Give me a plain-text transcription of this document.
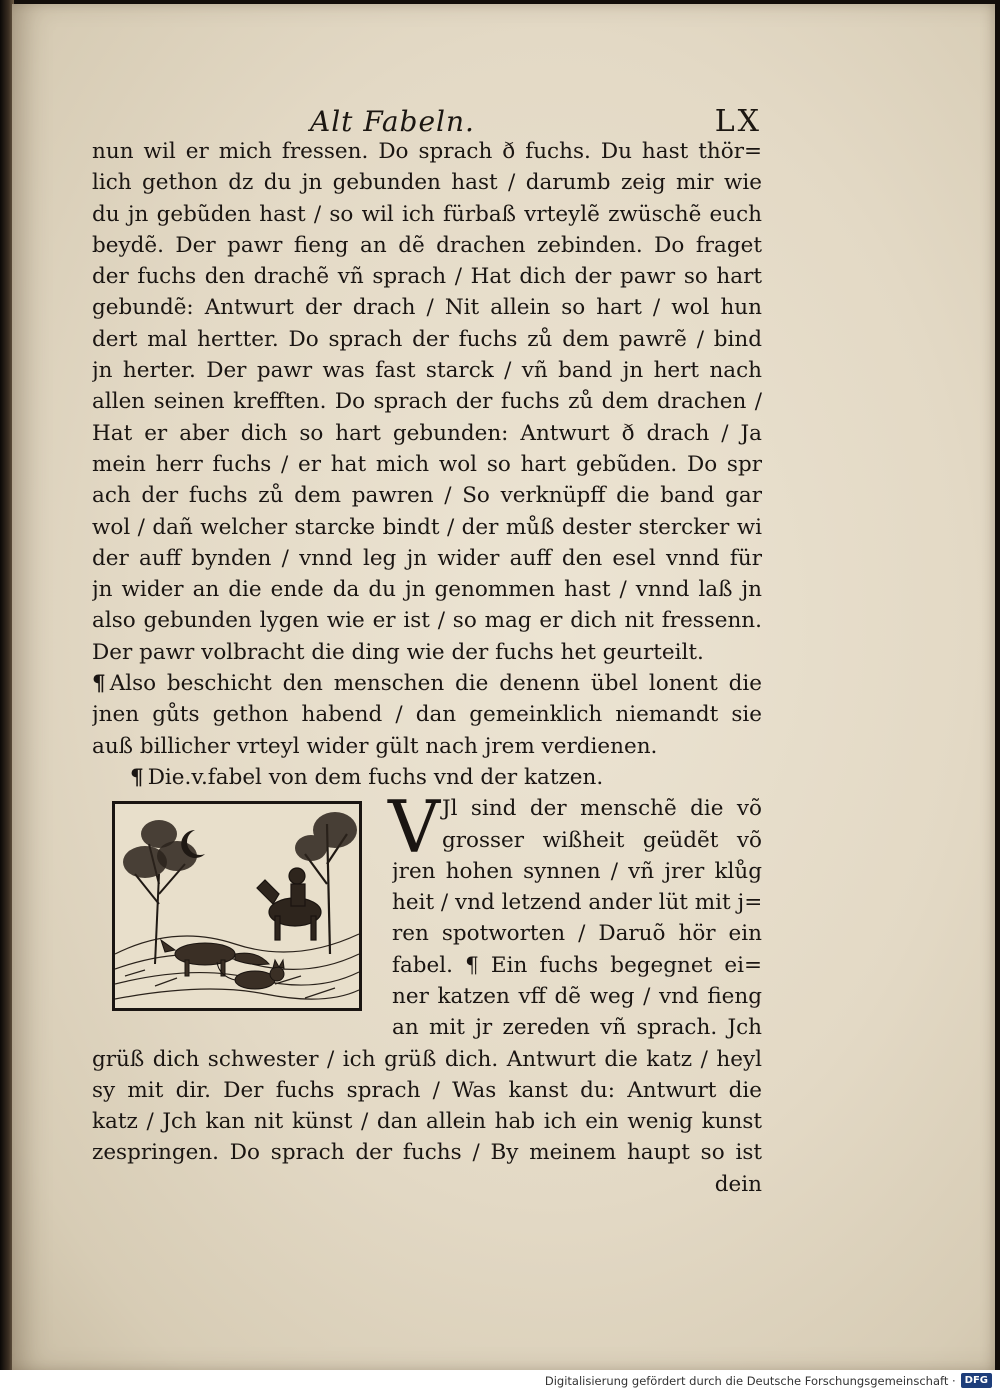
Alt Fabeln.	LX
nun wil er mich fressen. Do sprach ð fuchs. Du hast thör=
lich gethon dz du jn gebunden hast / darumb zeig mir wie
du jn gebũden hast / so wil ich fürbaß vrteylẽ zwüschẽ euch
beydẽ. Der pawr fieng an dẽ drachen zebinden. Do fraget
der fuchs den drachẽ vñ sprach / Hat dich der pawr so hart
gebundẽ: Antwurt der drach / Nit allein so hart / wol hun
dert mal hertter. Do sprach der fuchs zů dem pawrẽ / bind
jn herter. Der pawr was fast starck / vñ band jn hert nach
allen seinen krefften. Do sprach der fuchs zů dem drachen /
Hat er aber dich so hart gebunden: Antwurt ð drach / Ja
mein herr fuchs / er hat mich wol so hart gebũden. Do spr
ach der fuchs zů dem pawren / So verknüpff die band gar
wol / dañ welcher starcke bindt / der můß dester stercker wi
der auff bynden / vnnd leg jn wider auff den esel vnnd für
jn wider an die ende da du jn genommen hast / vnnd laß jn
also gebunden lygen wie er ist / so mag er dich nit fressenn.
Der pawr volbracht die ding wie der fuchs het geurteilt.
¶ Also beschicht den menschen die denenn übel lonent die
jnen gůts gethon habend / dan gemeinklich niemandt sie
auß billicher vrteyl wider gült nach jrem verdienen.
¶ Die.v.fabel von dem fuchs vnd der katzen.
V Jl sind der menschẽ die võ
grosser wißheit geüdẽt võ
jren hohen synnen / vñ jrer klůg
heit / vnd letzend ander lüt mit j=
ren spotworten / Daruõ hör ein
fabel. ¶ Ein fuchs begegnet ei=
ner katzen vff dẽ weg / vnd fieng
an mit jr zereden vñ sprach. Jch
grüß dich schwester / ich grüß dich. Antwurt die katz / heyl
sy mit dir. Der fuchs sprach / Was kanst du: Antwurt die
katz / Jch kan nit künst / dan allein hab ich ein wenig kunst
zespringen. Do sprach der fuchs / By meinem haupt so ist
dein
Digitalisierung gefördert durch die Deutsche Forschungsgemeinschaft · DFG
